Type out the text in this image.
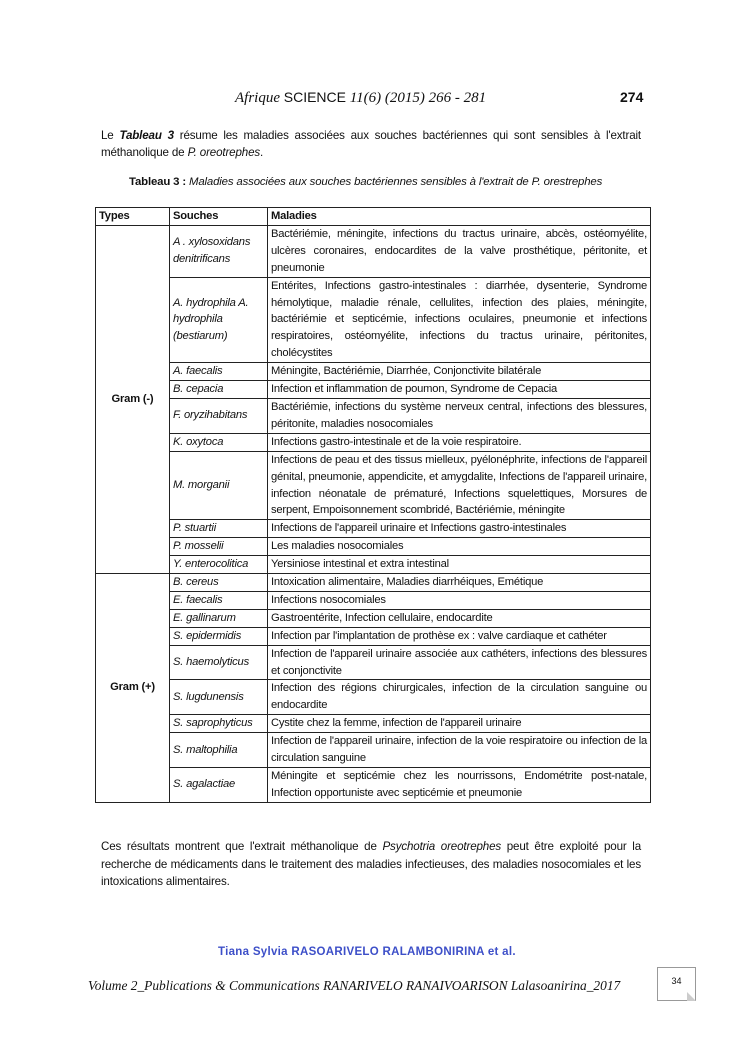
Afrique SCIENCE 11(6) (2015) 266 - 281	274

Le Tableau 3 résume les maladies associées aux souches bactériennes qui sont sensibles à l'extrait méthanolique de P. oreotrephes.

Tableau 3 : Maladies associées aux souches bactériennes sensibles à l'extrait de P. orestrephes
Types	Souches	Maladies
Gram (-)	A . xylosoxidans denitrificans	Bactériémie, méningite, infections du tractus urinaire, abcès, ostéomyélite, ulcères coronaires, endocardites de la valve prosthétique, péritonite, et pneumonie
	A. hydrophila A. hydrophila (bestiarum)	Entérites, Infections gastro-intestinales : diarrhée, dysenterie, Syndrome hémolytique, maladie rénale, cellulites, infection des plaies, méningite, bactériémie et septicémie, infections oculaires, pneumonie et infections respiratoires, ostéomyélite, infections du tractus urinaire, péritonites, cholécystites
	A. faecalis	Méningite, Bactériémie, Diarrhée, Conjonctivite bilatérale
	B. cepacia	Infection et inflammation de poumon, Syndrome de Cepacia
	F. oryzihabitans	Bactériémie, infections du système nerveux central, infections des blessures, péritonite, maladies nosocomiales
	K. oxytoca	Infections gastro-intestinale et de la voie respiratoire.
	M. morganii	Infections de peau et des tissus mielleux, pyélonéphrite, infections de l'appareil génital, pneumonie, appendicite, et amygdalite, Infections de l'appareil urinaire, infection néonatale de prématuré, Infections squelettiques, Morsures de serpent, Empoisonnement scombridé, Bactériémie, méningite
	P. stuartii	Infections de l'appareil urinaire et Infections gastro-intestinales
	P. mosselii	Les maladies nosocomiales
	Y. enterocolitica	Yersiniose intestinal et extra intestinal
Gram (+)	B. cereus	Intoxication alimentaire, Maladies diarrhéiques, Emétique
	E. faecalis	Infections nosocomiales
	E. gallinarum	Gastroentérite, Infection cellulaire, endocardite
	S. epidermidis	Infection par l'implantation de prothèse ex : valve cardiaque et cathéter
	S. haemolyticus	Infection de l'appareil urinaire associée aux cathéters, infections des blessures et conjonctivite
	S. lugdunensis	Infection des régions chirurgicales, infection de la circulation sanguine ou endocardite
	S. saprophyticus	Cystite chez la femme, infection de l'appareil urinaire
	S. maltophilia	Infection de l'appareil urinaire, infection de la voie respiratoire ou infection de la circulation sanguine
	S. agalactiae	Méningite et septicémie chez les nourrissons, Endométrite post-natale, Infection opportuniste avec septicémie et pneumonie

Ces résultats montrent que l'extrait méthanolique de Psychotria oreotrephes peut être exploité pour la recherche de médicaments dans le traitement des maladies infectieuses, des maladies nosocomiales et les intoxications alimentaires.

Tiana Sylvia RASOARIVELO RALAMBONIRINA et al.
Volume 2_Publications & Communications RANARIVELO RANAIVOARISON Lalasoanirina_2017	34
